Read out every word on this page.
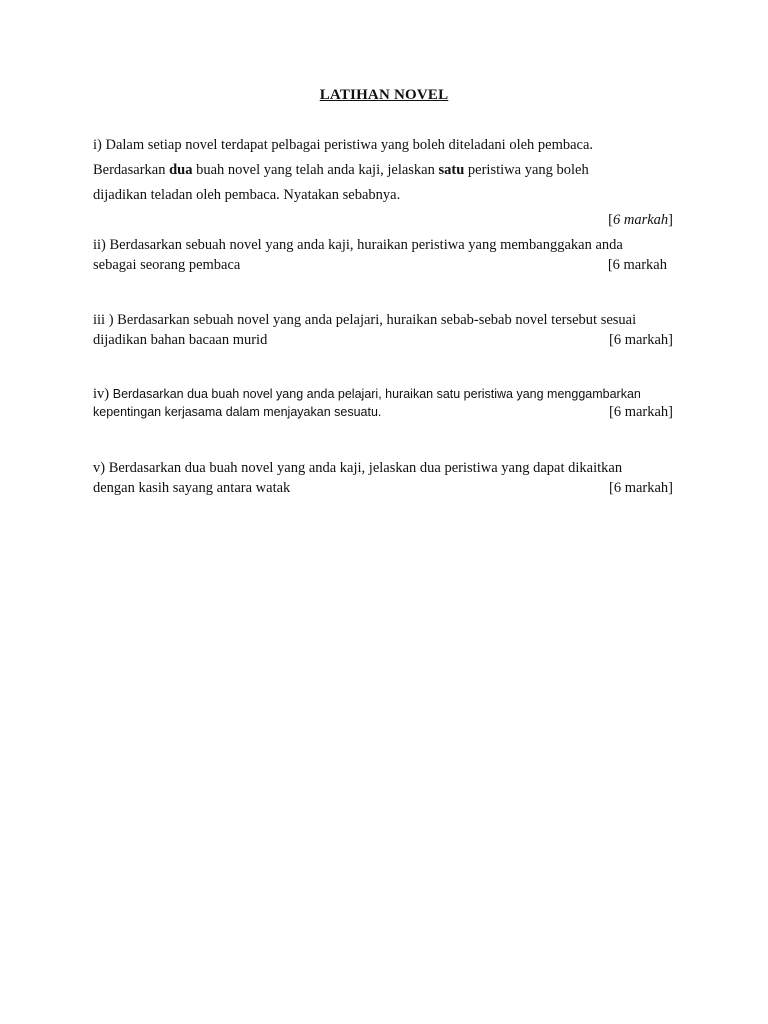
LATIHAN NOVEL
i) Dalam setiap novel terdapat pelbagai peristiwa yang boleh diteladani oleh pembaca.
Berdasarkan dua buah novel yang telah anda kaji, jelaskan satu peristiwa yang boleh
dijadikan teladan oleh pembaca. Nyatakan sebabnya.
[6 markah]
ii) Berdasarkan sebuah novel yang anda kaji, huraikan peristiwa yang membanggakan anda
sebagai seorang pembaca	[6 markah
iii ) Berdasarkan sebuah novel yang anda pelajari, huraikan sebab-sebab novel tersebut sesuai
dijadikan bahan bacaan murid	[6 markah]
iv) Berdasarkan dua buah novel yang anda pelajari, huraikan satu peristiwa yang menggambarkan
kepentingan kerjasama dalam menjayakan sesuatu.	[6 markah]
v) Berdasarkan dua buah novel yang anda kaji, jelaskan dua peristiwa yang dapat dikaitkan
dengan kasih sayang antara watak	[6 markah]
